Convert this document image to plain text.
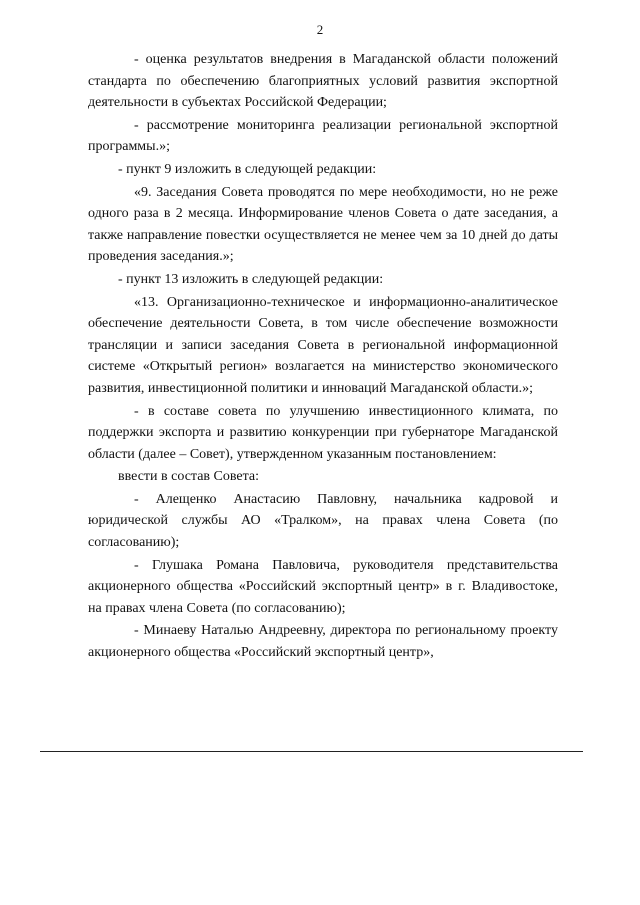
2

- оценка результатов внедрения в Магаданской области положений стандарта по обеспечению благоприятных условий развития экспортной деятельности в субъектах Российской Федерации;

- рассмотрение мониторинга реализации региональной экспортной программы.»;

- пункт 9 изложить в следующей редакции:

«9. Заседания Совета проводятся по мере необходимости, но не реже одного раза в 2 месяца. Информирование членов Совета о дате заседания, а также направление повестки осуществляется не менее чем за 10 дней до даты проведения заседания.»;

- пункт 13 изложить в следующей редакции:

«13. Организационно-техническое и информационно-аналитическое обеспечение деятельности Совета, в том числе обеспечение возможности трансляции и записи заседания Совета в региональной информационной системе «Открытый регион» возлагается на министерство экономического развития, инвестиционной политики и инноваций Магаданской области.»;

- в составе совета по улучшению инвестиционного климата, по поддержки экспорта и развитию конкуренции при губернаторе Магаданской области (далее – Совет), утвержденном указанным постановлением:

ввести в состав Совета:

- Алещенко Анастасию Павловну, начальника кадровой и юридической службы АО «Тралком», на правах члена Совета (по согласованию);

- Глушака Романа Павловича, руководителя представительства акционерного общества «Российский экспортный центр» в г. Владивостоке, на правах члена Совета (по согласованию);

- Минаеву Наталью Андреевну, директора по региональному проекту акционерного общества «Российский экспортный центр»,
